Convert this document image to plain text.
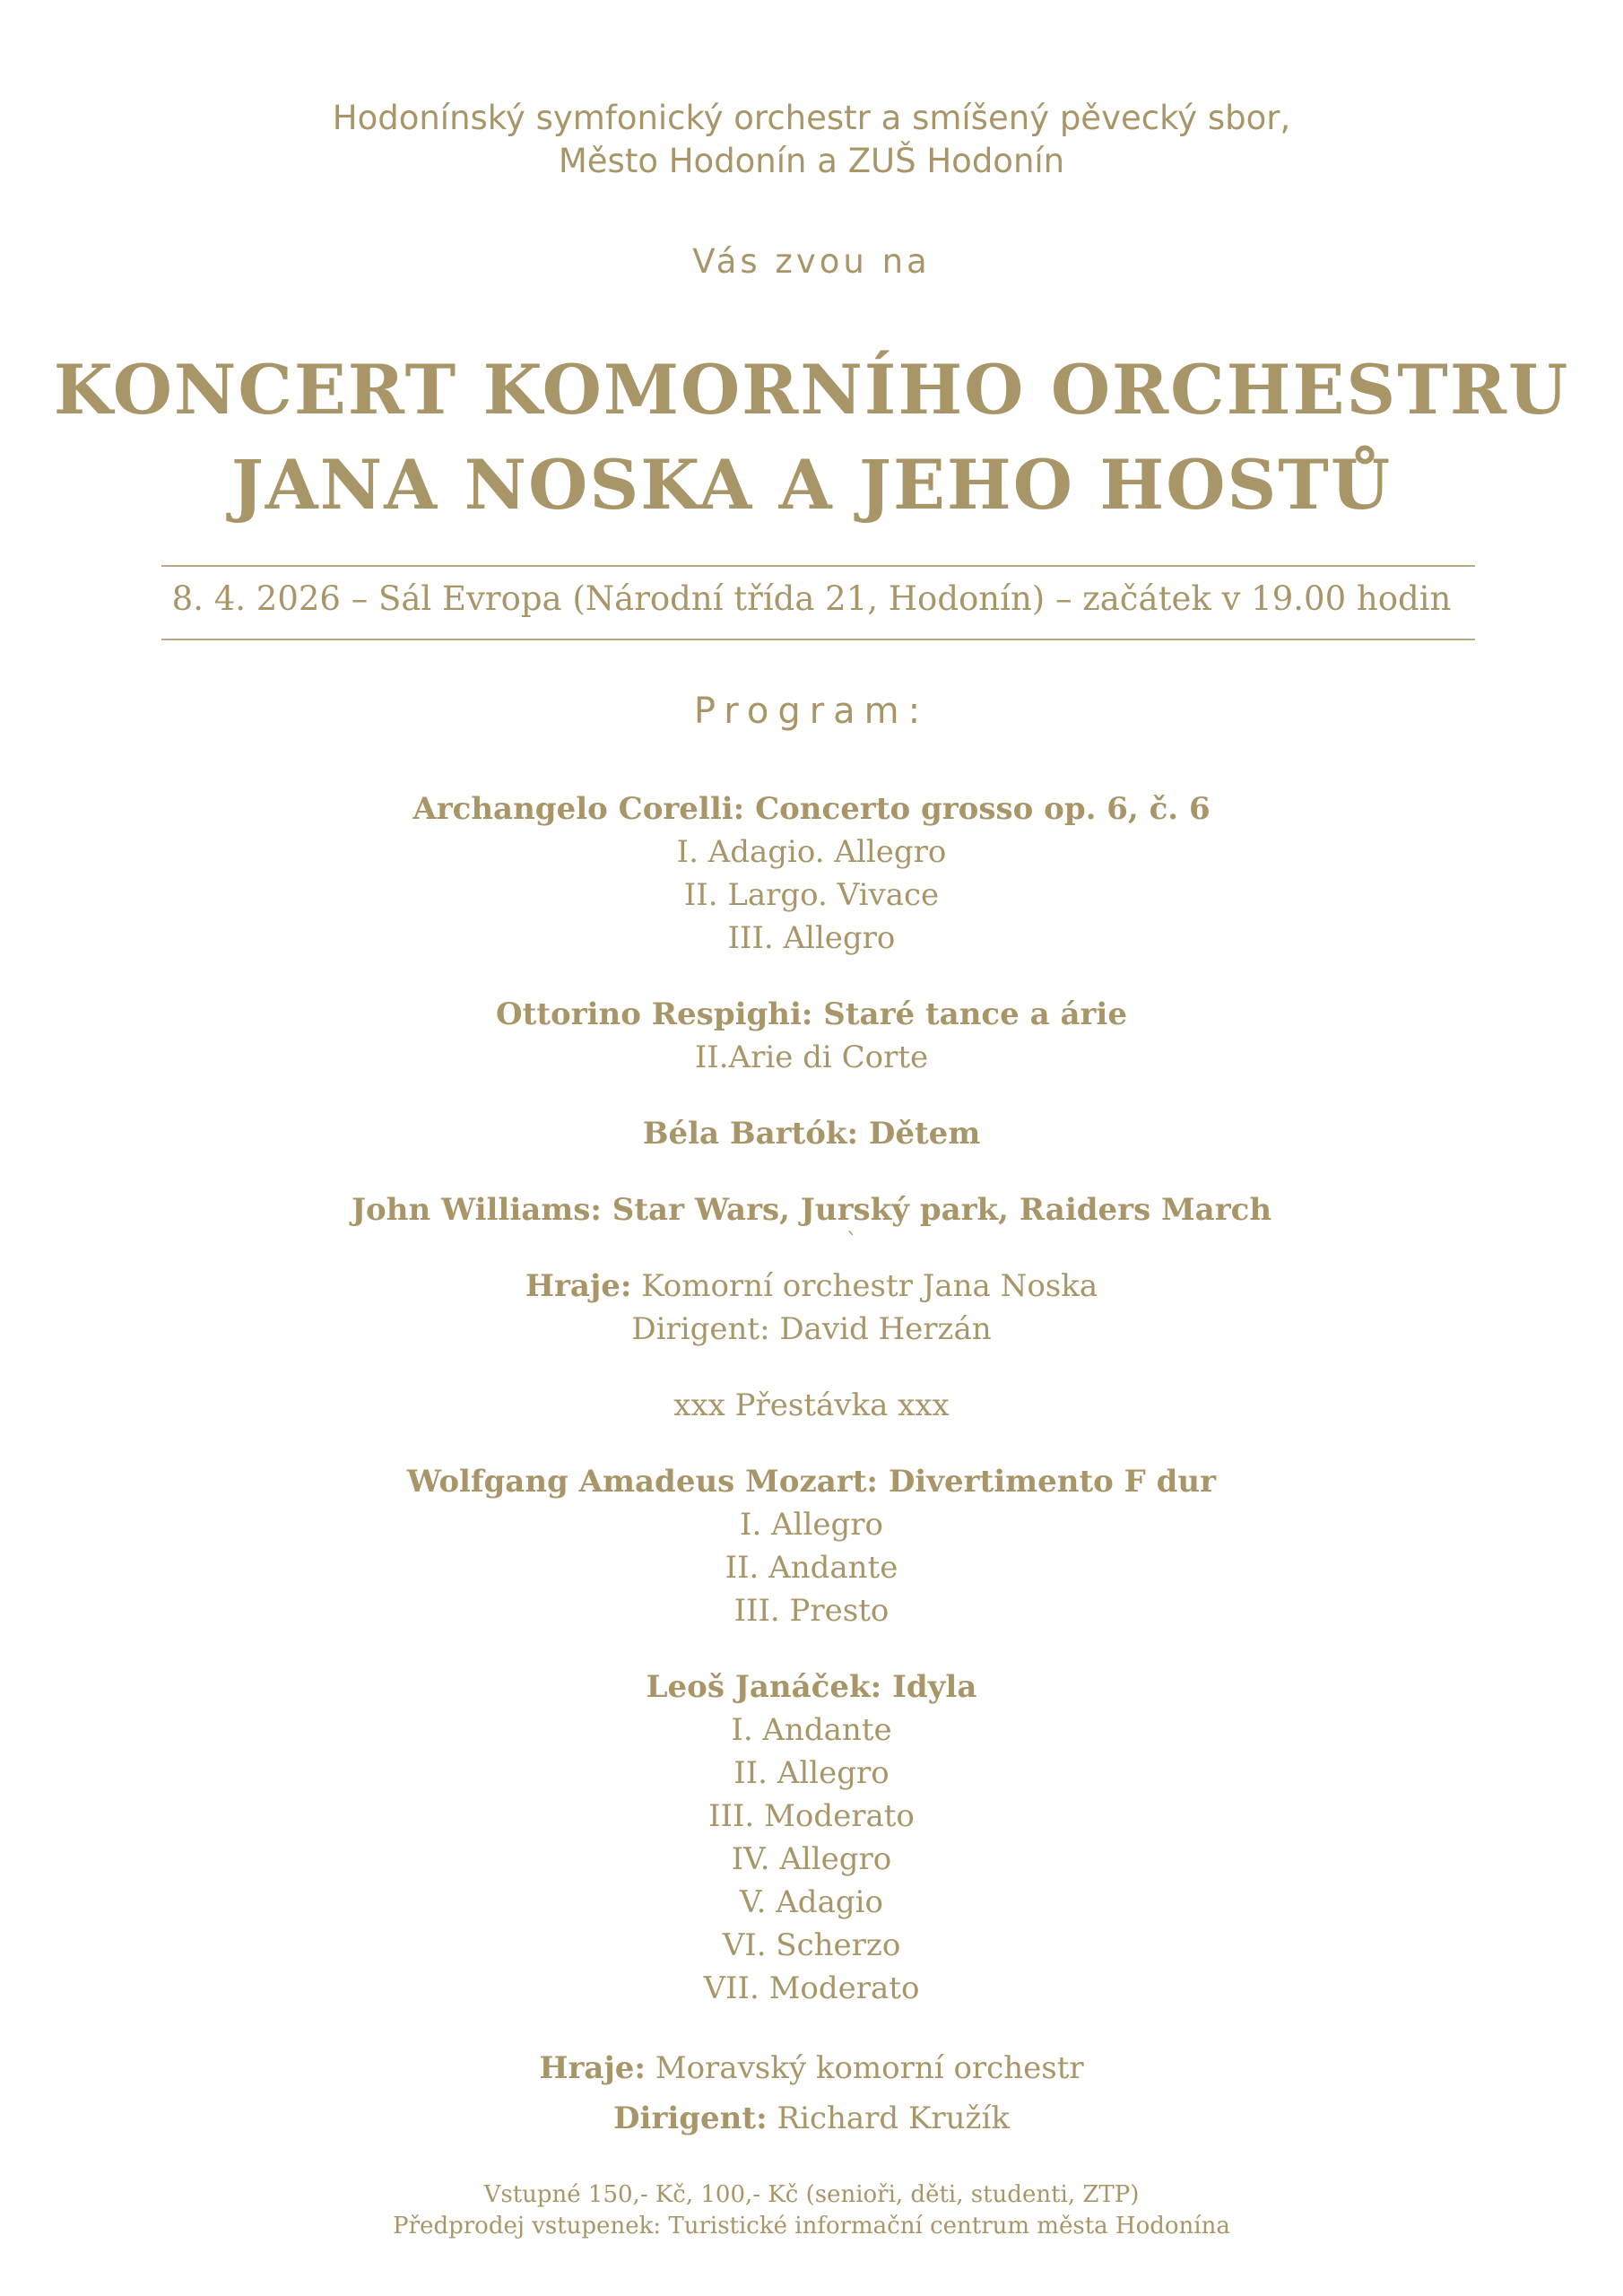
Hodonínský symfonický orchestr a smíšený pěvecký sbor,
Město Hodonín a ZUŠ Hodonín
Vás zvou na
KONCERT KOMORNÍHO ORCHESTRU
JANA NOSKA A JEHO HOSTŮ
8. 4. 2026 – Sál Evropa (Národní třída 21, Hodonín) – začátek v 19.00 hodin
Program:
Archangelo Corelli: Concerto grosso op. 6, č. 6
I. Adagio. Allegro
II. Largo. Vivace
III. Allegro
Ottorino Respighi: Staré tance a árie
II.Arie di Corte
Béla Bartók: Dětem
John Williams: Star Wars, Jurský park, Raiders March
`
Hraje: Komorní orchestr Jana Noska
Dirigent: David Herzán
xxx Přestávka xxx
Wolfgang Amadeus Mozart: Divertimento F dur
I. Allegro
II. Andante
III. Presto
Leoš Janáček: Idyla
I. Andante
II. Allegro
III. Moderato
IV. Allegro
V. Adagio
VI. Scherzo
VII. Moderato
Hraje: Moravský komorní orchestr
Dirigent: Richard Kružík
Vstupné 150,- Kč, 100,- Kč (senioři, děti, studenti, ZTP)
Předprodej vstupenek: Turistické informační centrum města Hodonína
